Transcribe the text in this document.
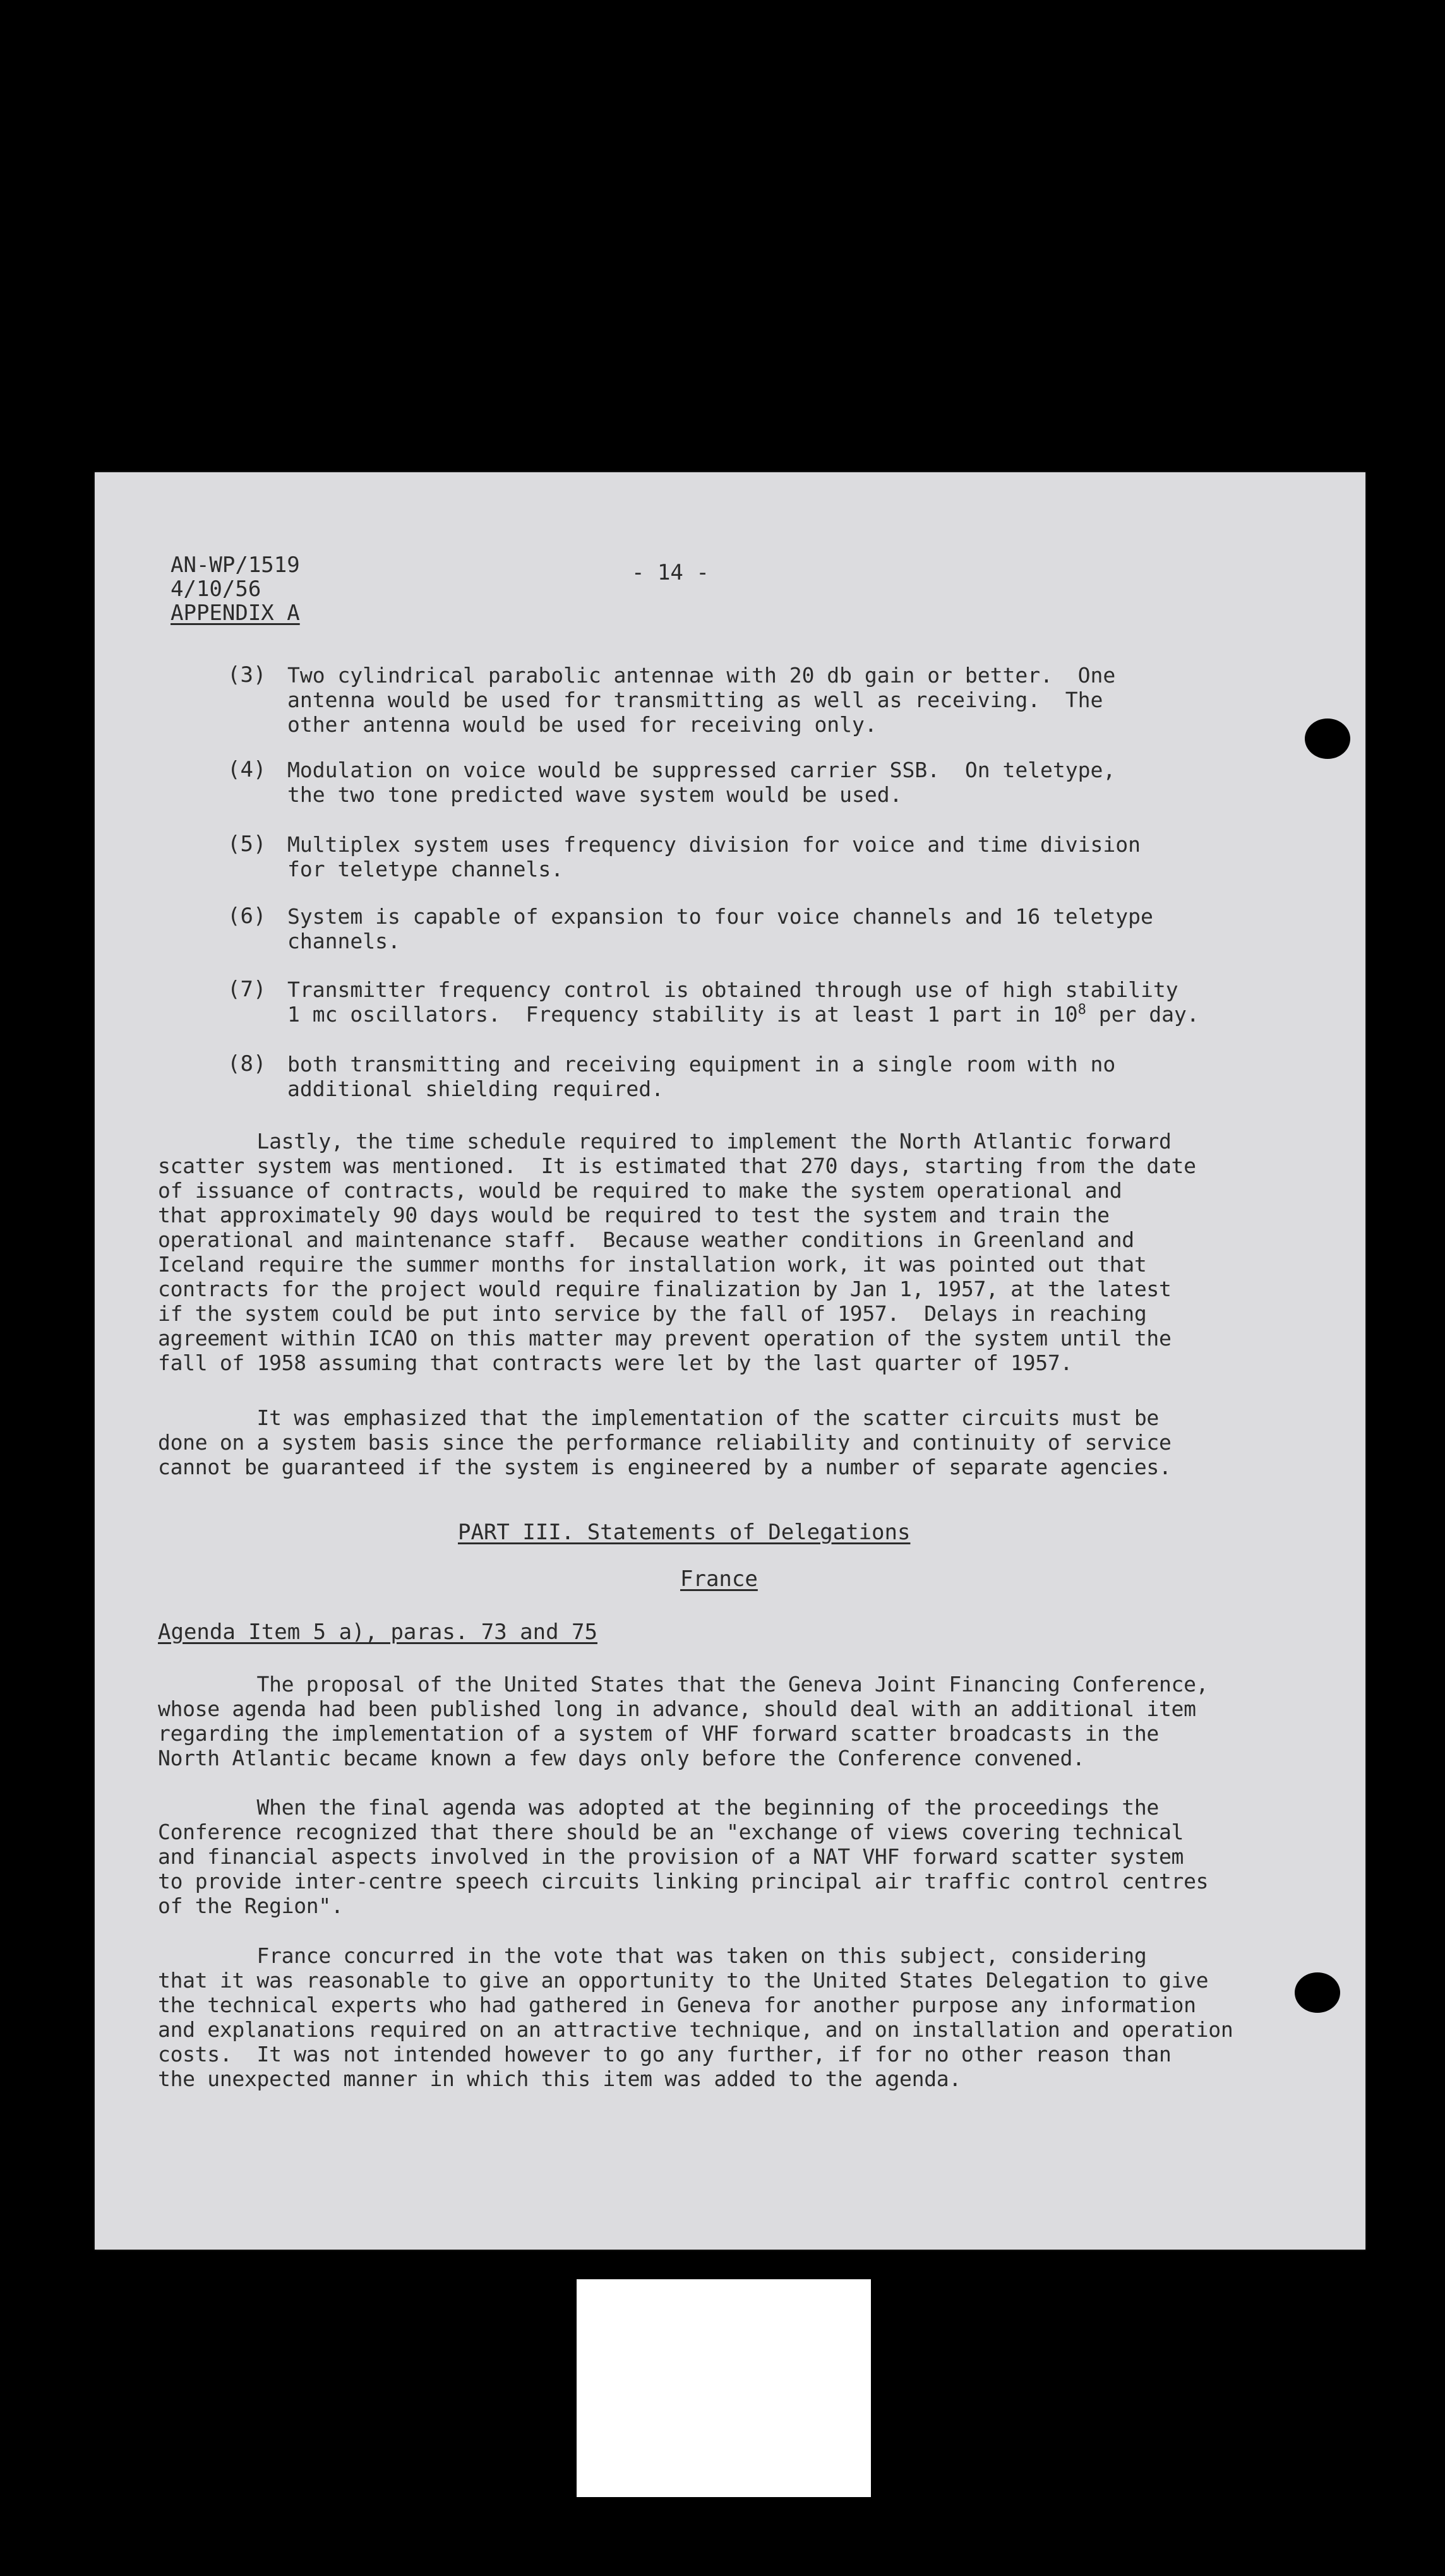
AN-WP/1519
4/10/56
APPENDIX A
- 14 -
(3) Two cylindrical parabolic antennae with 20 db gain or better.  One
antenna would be used for transmitting as well as receiving.  The
other antenna would be used for receiving only.
(4) Modulation on voice would be suppressed carrier SSB.  On teletype,
the two tone predicted wave system would be used.
(5) Multiplex system uses frequency division for voice and time division
for teletype channels.
(6) System is capable of expansion to four voice channels and 16 teletype
channels.
(7) Transmitter frequency control is obtained through use of high stability
1 mc oscillators.  Frequency stability is at least 1 part in $10^8$ per day.
(8) both transmitting and receiving equipment in a single room with no
additional shielding required.
Lastly, the time schedule required to implement the North Atlantic forward
scatter system was mentioned.  It is estimated that 270 days, starting from the date
of issuance of contracts, would be required to make the system operational and
that approximately 90 days would be required to test the system and train the
operational and maintenance staff.  Because weather conditions in Greenland and
Iceland require the summer months for installation work, it was pointed out that
contracts for the project would require finalization by Jan 1, 1957, at the latest
if the system could be put into service by the fall of 1957.  Delays in reaching
agreement within ICAO on this matter may prevent operation of the system until the
fall of 1958 assuming that contracts were let by the last quarter of 1957.
It was emphasized that the implementation of the scatter circuits must be
done on a system basis since the performance reliability and continuity of service
cannot be guaranteed if the system is engineered by a number of separate agencies.
PART III. Statements of Delegations
France
Agenda Item 5 a), paras. 73 and 75
The proposal of the United States that the Geneva Joint Financing Conference,
whose agenda had been published long in advance, should deal with an additional item
regarding the implementation of a system of VHF forward scatter broadcasts in the
North Atlantic became known a few days only before the Conference convened.
When the final agenda was adopted at the beginning of the proceedings the
Conference recognized that there should be an "exchange of views covering technical
and financial aspects involved in the provision of a NAT VHF forward scatter system
to provide inter-centre speech circuits linking principal air traffic control centres
of the Region".
France concurred in the vote that was taken on this subject, considering
that it was reasonable to give an opportunity to the United States Delegation to give
the technical experts who had gathered in Geneva for another purpose any information
and explanations required on an attractive technique, and on installation and operation
costs.  It was not intended however to go any further, if for no other reason than
the unexpected manner in which this item was added to the agenda.
